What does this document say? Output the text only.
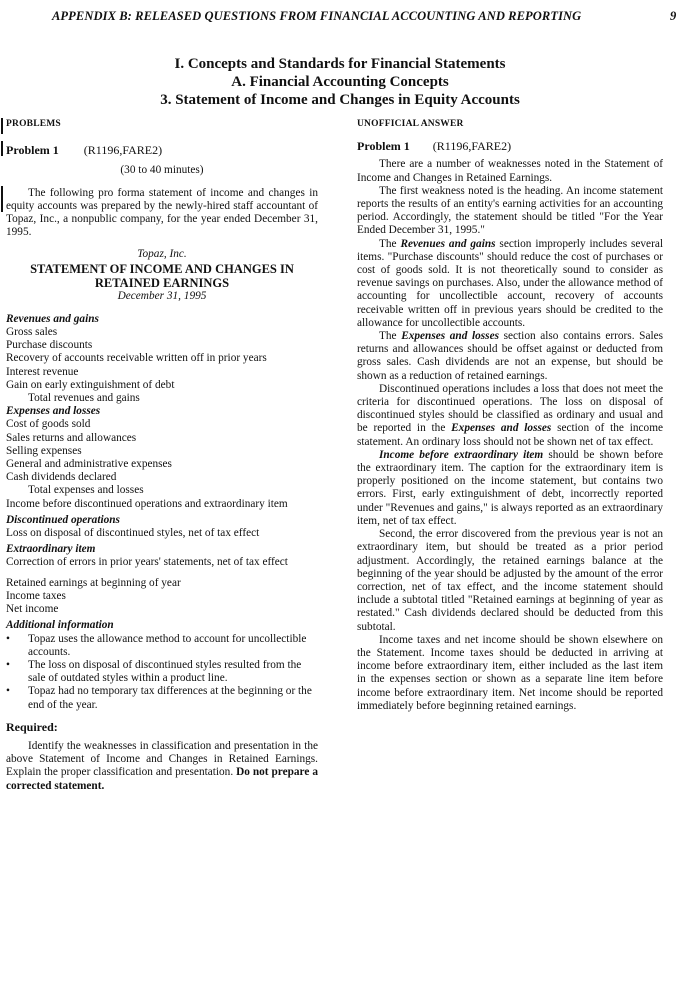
APPENDIX B: RELEASED QUESTIONS FROM FINANCIAL ACCOUNTING AND REPORTING	9
I. Concepts and Standards for Financial Statements
A. Financial Accounting Concepts
3. Statement of Income and Changes in Equity Accounts
PROBLEMS
Problem 1 (R1196,FARE2)
(30 to 40 minutes)

The following pro forma statement of income and changes in equity accounts was prepared by the newly-hired staff accountant of Topaz, Inc., a nonpublic company, for the year ended December 31, 1995.

Topaz, Inc.
STATEMENT OF INCOME AND CHANGES IN
RETAINED EARNINGS
December 31, 1995
Revenues and gains
Gross sales
Purchase discounts
Recovery of accounts receivable written off in prior years
Interest revenue
Gain on early extinguishment of debt
Total revenues and gains
Expenses and losses
Cost of goods sold
Sales returns and allowances
Selling expenses
General and administrative expenses
Cash dividends declared
Total expenses and losses
Income before discontinued operations and extraordinary item
Discontinued operations
Loss on disposal of discontinued styles, net of tax effect
Extraordinary item
Correction of errors in prior years' statements, net of tax effect
Retained earnings at beginning of year
Income taxes
Net income
Additional information
• Topaz uses the allowance method to account for uncollectible accounts.
• The loss on disposal of discontinued styles resulted from the sale of outdated styles within a product line.
• Topaz had no temporary tax differences at the beginning or the end of the year.
Required:

Identify the weaknesses in classification and presentation in the above Statement of Income and Changes in Retained Earnings. Explain the proper classification and presentation. Do not prepare a corrected statement.

UNOFFICIAL ANSWER
Problem 1 (R1196,FARE2)

There are a number of weaknesses noted in the Statement of Income and Changes in Retained Earnings.

The first weakness noted is the heading. An income statement reports the results of an entity's earning activities for an accounting period. Accordingly, the statement should be titled "For the Year Ended December 31, 1995."

The Revenues and gains section improperly includes several items. "Purchase discounts" should reduce the cost of purchases or cost of goods sold. It is not theoretically sound to consider as revenue savings on purchases. Also, under the allowance method of accounting for uncollectible account, recovery of accounts receivable written off in previous years should be credited to the allowance for uncollectible accounts.

The Expenses and losses section also contains errors. Sales returns and allowances should be offset against or deducted from gross sales. Cash dividends are not an expense, but should be shown as a reduction of retained earnings.

Discontinued operations includes a loss that does not meet the criteria for discontinued operations. The loss on disposal of discontinued styles should be classified as ordinary and usual and be reported in the Expenses and losses section of the income statement. An ordinary loss should not be shown net of tax effect.

Income before extraordinary item should be shown before the extraordinary item. The caption for the extraordinary item is properly positioned on the income statement, but contains two errors. First, early extinguishment of debt, incorrectly reported under "Revenues and gains," is always reported as an extraordinary item, net of tax effect.

Second, the error discovered from the previous year is not an extraordinary item, but should be treated as a prior period adjustment. Accordingly, the retained earnings balance at the beginning of the year should be adjusted by the amount of the error correction, net of tax effect, and the income statement should include a subtotal titled "Retained earnings at beginning of year as restated." Cash dividends declared should be deducted from this subtotal.

Income taxes and net income should be shown elsewhere on the Statement. Income taxes should be deducted in arriving at income before extraordinary item, either included as the last item in the expenses section or shown as a separate line item before income before extraordinary item. Net income should be reported immediately before beginning retained earnings.
